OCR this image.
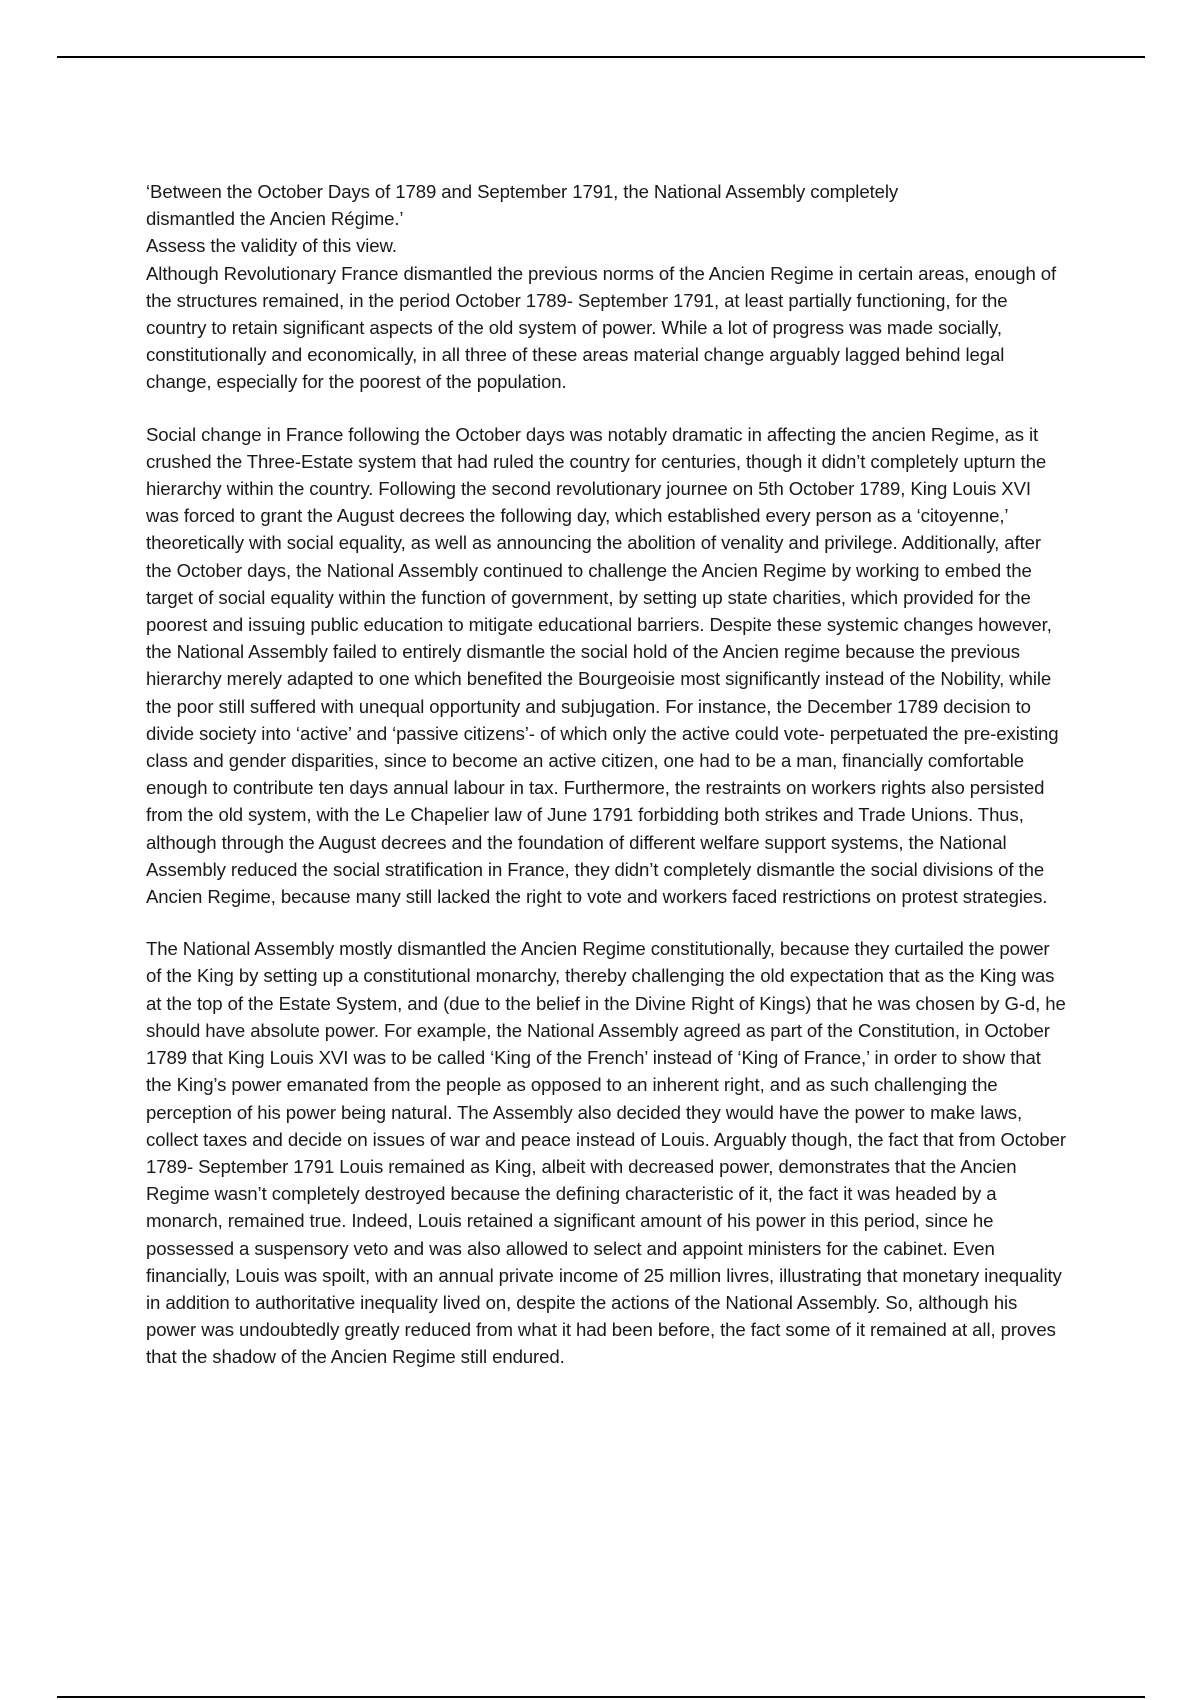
‘Between the October Days of 1789 and September 1791, the National Assembly completely
dismantled the Ancien Régime.’
Assess the validity of this view.

Although Revolutionary France dismantled the previous norms of the Ancien Regime in certain areas, enough of the structures remained, in the period October 1789- September 1791, at least partially functioning, for the country to retain significant aspects of the old system of power. While a lot of progress was made socially, constitutionally and economically, in all three of these areas material change arguably lagged behind legal change, especially for the poorest of the population.

Social change in France following the October days was notably dramatic in affecting the ancien Regime, as it crushed the Three-Estate system that had ruled the country for centuries, though it didn’t completely upturn the hierarchy within the country. Following the second revolutionary journee on 5th October 1789, King Louis XVI was forced to grant the August decrees the following day, which established every person as a ‘citoyenne,’ theoretically with social equality, as well as announcing the abolition of venality and privilege. Additionally, after the October days, the National Assembly continued to challenge the Ancien Regime by working to embed the target of social equality within the function of government, by setting up state charities, which provided for the poorest and issuing public education to mitigate educational barriers. Despite these systemic changes however, the National Assembly failed to entirely dismantle the social hold of the Ancien regime because the previous hierarchy merely adapted to one which benefited the Bourgeoisie most significantly instead of the Nobility, while the poor still suffered with unequal opportunity and subjugation. For instance, the December 1789 decision to divide society into ‘active’ and ‘passive citizens’- of which only the active could vote- perpetuated the pre-existing class and gender disparities, since to become an active citizen, one had to be a man, financially comfortable enough to contribute ten days annual labour in tax. Furthermore, the restraints on workers rights also persisted from the old system, with the Le Chapelier law of June 1791 forbidding both strikes and Trade Unions. Thus, although through the August decrees and the foundation of different welfare support systems, the National Assembly reduced the social stratification in France, they didn’t completely dismantle the social divisions of the Ancien Regime, because many still lacked the right to vote and workers faced restrictions on protest strategies.

The National Assembly mostly dismantled the Ancien Regime constitutionally, because they curtailed the power of the King by setting up a constitutional monarchy, thereby challenging the old expectation that as the King was at the top of the Estate System, and (due to the belief in the Divine Right of Kings) that he was chosen by G-d, he should have absolute power. For example, the National Assembly agreed as part of the Constitution, in October 1789 that King Louis XVI was to be called ‘King of the French’ instead of ‘King of France,’ in order to show that the King’s power emanated from the people as opposed to an inherent right, and as such challenging the perception of his power being natural. The Assembly also decided they would have the power to make laws, collect taxes and decide on issues of war and peace instead of Louis. Arguably though, the fact that from October 1789- September 1791 Louis remained as King, albeit with decreased power, demonstrates that the Ancien Regime wasn’t completely destroyed because the defining characteristic of it, the fact it was headed by a monarch, remained true. Indeed, Louis retained a significant amount of his power in this period, since he possessed a suspensory veto and was also allowed to select and appoint ministers for the cabinet. Even financially, Louis was spoilt, with an annual private income of 25 million livres, illustrating that monetary inequality in addition to authoritative inequality lived on, despite the actions of the National Assembly. So, although his power was undoubtedly greatly reduced from what it had been before, the fact some of it remained at all, proves that the shadow of the Ancien Regime still endured.
